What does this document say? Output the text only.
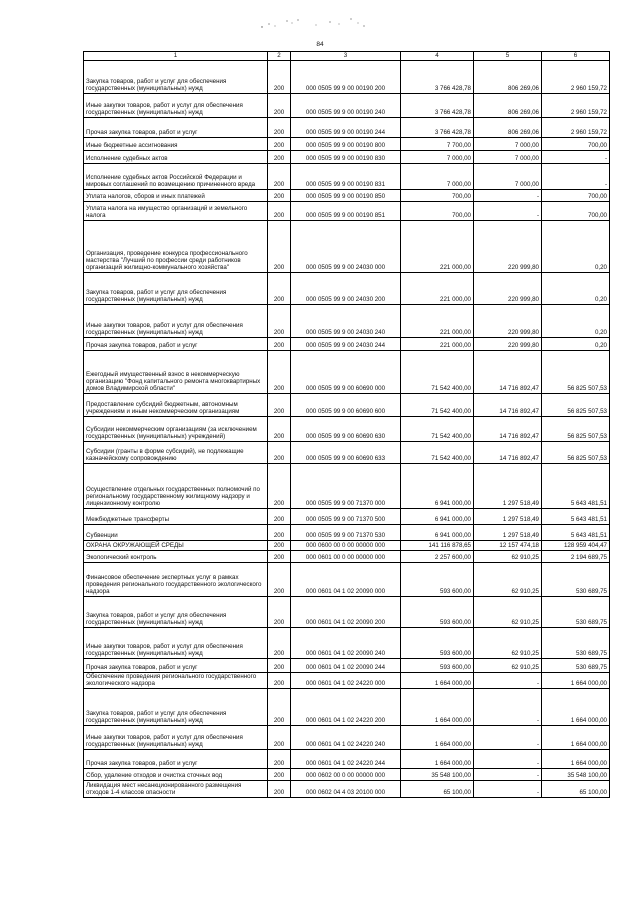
84
1	2	3	4	5	6
Закупка товаров, работ и услуг для обеспечения государственных (муниципальных) нужд	200	000 0505 99 9 00 00190 200	3 766 428,78	806 269,06	2 960 159,72
Иные закупки товаров, работ и услуг для обеспечения государственных (муниципальных) нужд	200	000 0505 99 9 00 00190 240	3 766 428,78	806 269,06	2 960 159,72
Прочая закупка товаров, работ и услуг	200	000 0505 99 9 00 00190 244	3 766 428,78	806 269,06	2 960 159,72
Иные бюджетные ассигнования	200	000 0505 99 9 00 00190 800	7 700,00	7 000,00	700,00
Исполнение судебных актов	200	000 0505 99 9 00 00190 830	7 000,00	7 000,00	-
Исполнение судебных актов Российской Федерации и мировых соглашений по возмещению причиненного вреда	200	000 0505 99 9 00 00190 831	7 000,00	7 000,00	-
Уплата налогов, сборов и иных платежей	200	000 0505 99 9 00 00190 850	700,00	-	700,00
Уплата налога на имущество организаций и земельного налога	200	000 0505 99 9 00 00190 851	700,00	-	700,00
Организация, проведение конкурса профессионального мастерства "Лучший по профессии среди работников организаций жилищно-коммунального хозяйства"	200	000 0505 99 9 00 24030 000	221 000,00	220 999,80	0,20
Закупка товаров, работ и услуг для обеспечения государственных (муниципальных) нужд	200	000 0505 99 9 00 24030 200	221 000,00	220 999,80	0,20
Иные закупки товаров, работ и услуг для обеспечения государственных (муниципальных) нужд	200	000 0505 99 9 00 24030 240	221 000,00	220 999,80	0,20
Прочая закупка товаров, работ и услуг	200	000 0505 99 9 00 24030 244	221 000,00	220 999,80	0,20
Ежегодный имущественный взнос в некоммерческую организацию "Фонд капитального ремонта многоквартирных домов Владимирской области"	200	000 0505 99 9 00 60690 000	71 542 400,00	14 716 892,47	56 825 507,53
Предоставление субсидий бюджетным, автономным учреждениям и иным некоммерческим организациям	200	000 0505 99 9 00 60690 600	71 542 400,00	14 716 892,47	56 825 507,53
Субсидии некоммерческим организациям (за исключением государственных (муниципальных) учреждений)	200	000 0505 99 9 00 60690 630	71 542 400,00	14 716 892,47	56 825 507,53
Субсидии (гранты в форме субсидий), не подлежащие казначейскому сопровождению	200	000 0505 99 9 00 60690 633	71 542 400,00	14 716 892,47	56 825 507,53
Осуществление отдельных государственных полномочий по региональному государственному жилищному надзору и лицензионному контролю	200	000 0505 99 9 00 71370 000	6 941 000,00	1 297 518,49	5 643 481,51
Межбюджетные трансферты	200	000 0505 99 9 00 71370 500	6 941 000,00	1 297 518,49	5 643 481,51
Субвенции	200	000 0505 99 9 00 71370 530	6 941 000,00	1 297 518,49	5 643 481,51
ОХРАНА ОКРУЖАЮЩЕЙ СРЕДЫ	200	000 0600 00 0 00 00000 000	141 116 878,65	12 157 474,18	128 959 404,47
Экологический контроль	200	000 0601 00 0 00 00000 000	2 257 600,00	62 910,25	2 194 689,75
Финансовое обеспечение экспертных услуг в рамках проведения регионального государственного экологического надзора	200	000 0601 04 1 02 20090 000	593 600,00	62 910,25	530 689,75
Закупка товаров, работ и услуг для обеспечения государственных (муниципальных) нужд	200	000 0601 04 1 02 20090 200	593 600,00	62 910,25	530 689,75
Иные закупки товаров, работ и услуг для обеспечения государственных (муниципальных) нужд	200	000 0601 04 1 02 20090 240	593 600,00	62 910,25	530 689,75
Прочая закупка товаров, работ и услуг	200	000 0601 04 1 02 20090 244	593 600,00	62 910,25	530 689,75
Обеспечение проведения регионального государственного экологического надзора	200	000 0601 04 1 02 24220 000	1 664 000,00	-	1 664 000,00
Закупка товаров, работ и услуг для обеспечения государственных (муниципальных) нужд	200	000 0601 04 1 02 24220 200	1 664 000,00	-	1 664 000,00
Иные закупки товаров, работ и услуг для обеспечения государственных (муниципальных) нужд	200	000 0601 04 1 02 24220 240	1 664 000,00	-	1 664 000,00
Прочая закупка товаров, работ и услуг	200	000 0601 04 1 02 24220 244	1 664 000,00	-	1 664 000,00
Сбор, удаление отходов и очистка сточных вод	200	000 0602 00 0 00 00000 000	35 548 100,00	-	35 548 100,00
Ликвидация мест несанкционированного размещения отходов 1-4 классов опасности	200	000 0602 04 4 03 20100 000	65 100,00	-	65 100,00
